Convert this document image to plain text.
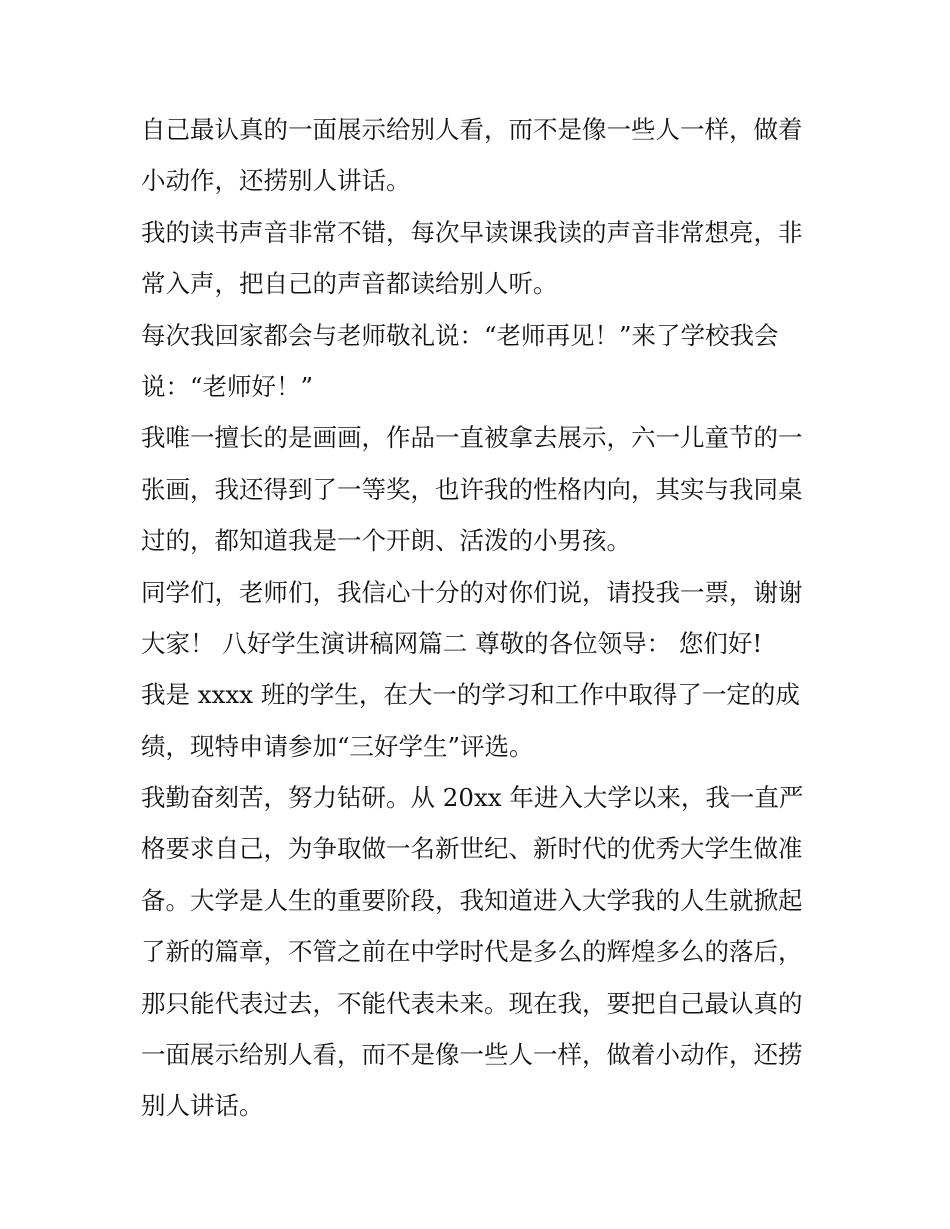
自己最认真的一面展示给别人看，而不是像一些人一样，做着
小动作，还捞别人讲话。
我的读书声音非常不错，每次早读课我读的声音非常想亮，非
常入声，把自己的声音都读给别人听。
每次我回家都会与老师敬礼说：“老师再见！”来了学校我会
说：“老师好！”
我唯一擅长的是画画，作品一直被拿去展示，六一儿童节的一
张画，我还得到了一等奖，也许我的性格内向，其实与我同桌
过的，都知道我是一个开朗、活泼的小男孩。
同学们，老师们，我信心十分的对你们说，请投我一票，谢谢
大家！ 八好学生演讲稿网篇二 尊敬的各位领导： 您们好!
我是 xxxx 班的学生，在大一的学习和工作中取得了一定的成
绩，现特申请参加“三好学生”评选。
我勤奋刻苦，努力钻研。从 20xx 年进入大学以来，我一直严
格要求自己，为争取做一名新世纪、新时代的优秀大学生做准
备。大学是人生的重要阶段，我知道进入大学我的人生就掀起
了新的篇章，不管之前在中学时代是多么的辉煌多么的落后，
那只能代表过去，不能代表未来。现在我，要把自己最认真的
一面展示给别人看，而不是像一些人一样，做着小动作，还捞
别人讲话。
